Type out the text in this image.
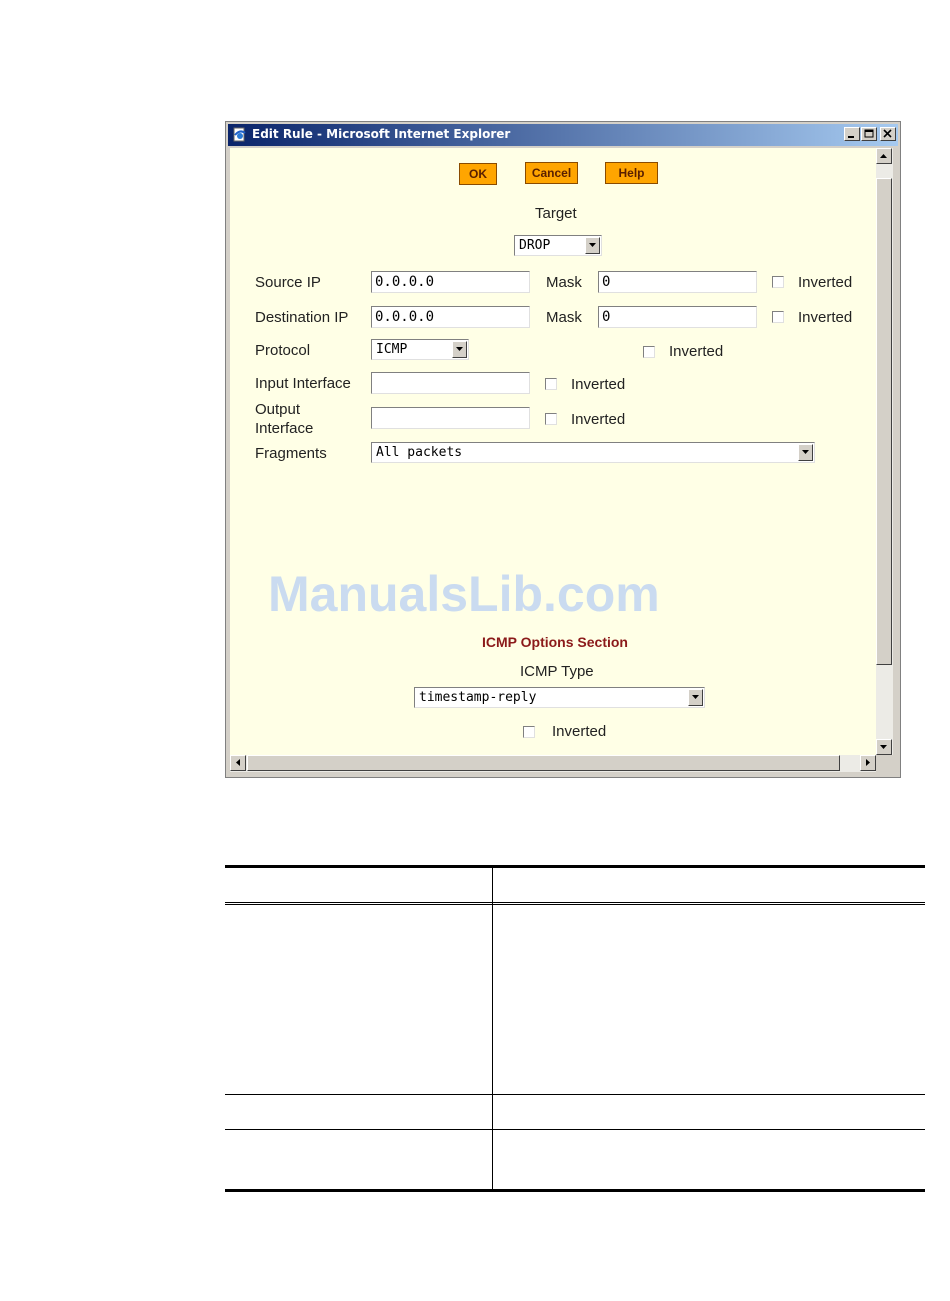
Edit Rule - Microsoft Internet Explorer
OK	Cancel	Help
Target
DROP
Source IP	0.0.0.0	Mask 0	Inverted
Destination IP 0.0.0.0	Mask 0	Inverted
Protocol	ICMP	Inverted
Input Interface	Inverted
Output
Interface
Inverted
Fragments	All packets
ManualsLib.com
ICMP Options Section
ICMP Type
timestamp-reply
Inverted
